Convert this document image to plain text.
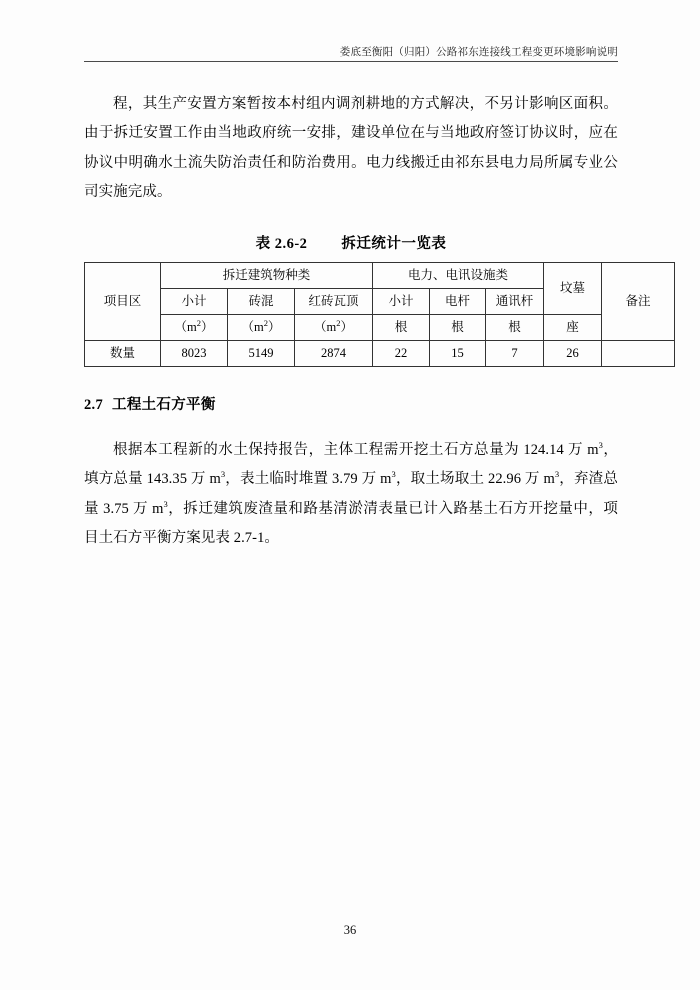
娄底至衡阳（归阳）公路祁东连接线工程变更环境影响说明

程，其生产安置方案暂按本村组内调剂耕地的方式解决，不另计影响区面积。由于拆迁安置工作由当地政府统一安排，建设单位在与当地政府签订协议时，应在协议中明确水土流失防治责任和防治费用。电力线搬迁由祁东县电力局所属专业公司实施完成。

表 2.6-2 拆迁统计一览表
项目区	拆迁建筑物种类			电力、电讯设施类			坟墓	备注
	小计	砖混	红砖瓦顶	小计	电杆	通讯杆		
	$(m^2)$	$(m^2)$	$(m^2)$	根	根	根	座	
数量	8023	5149	2874	22	15	7	26	
2.7 工程土石方平衡

根据本工程新的水土保持报告，主体工程需开挖土石方总量为 124.14 万 $m^3$，填方总量 143.35 万 $m^3$，表土临时堆置 3.79 万 $m^3$，取土场取土 22.96 万 $m^3$，弃渣总量 3.75 万 $m^3$，拆迁建筑废渣量和路基清淤清表量已计入路基土石方开挖量中，项目土石方平衡方案见表 2.7-1。

36
